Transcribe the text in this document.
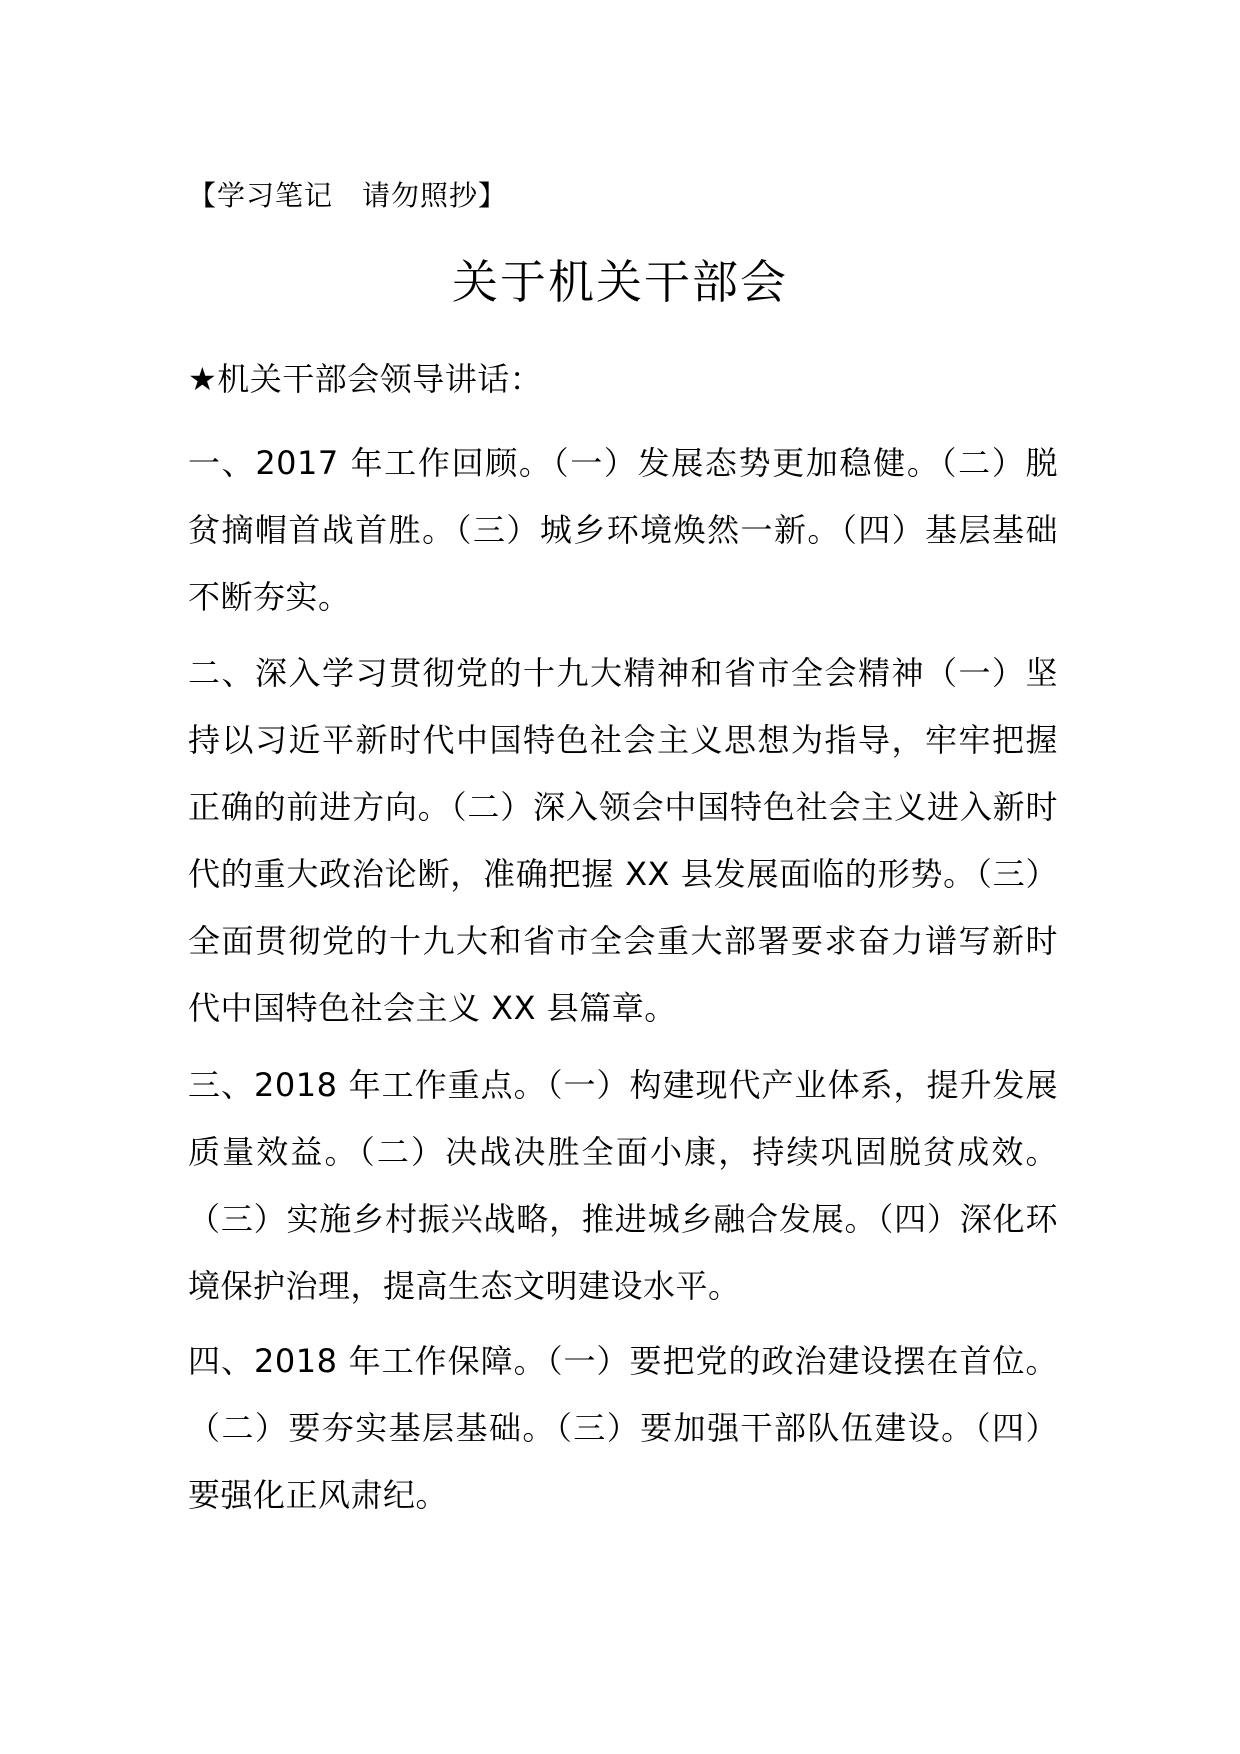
【学习笔记　请勿照抄】
关于机关干部会
★机关干部会领导讲话：
一、2017 年工作回顾。（一）发展态势更加稳健。（二）脱贫摘帽首战首胜。（三）城乡环境焕然一新。（四）基层基础不断夯实。
二、深入学习贯彻党的十九大精神和省市全会精神（一）坚持以习近平新时代中国特色社会主义思想为指导，牢牢把握正确的前进方向。（二）深入领会中国特色社会主义进入新时代的重大政治论断，准确把握 XX 县发展面临的形势。（三）全面贯彻党的十九大和省市全会重大部署要求奋力谱写新时代中国特色社会主义 XX 县篇章。
三、2018 年工作重点。（一）构建现代产业体系，提升发展质量效益。（二）决战决胜全面小康，持续巩固脱贫成效。（三）实施乡村振兴战略，推进城乡融合发展。（四）深化环境保护治理，提高生态文明建设水平。
四、2018 年工作保障。（一）要把党的政治建设摆在首位。（二）要夯实基层基础。（三）要加强干部队伍建设。（四）要强化正风肃纪。
